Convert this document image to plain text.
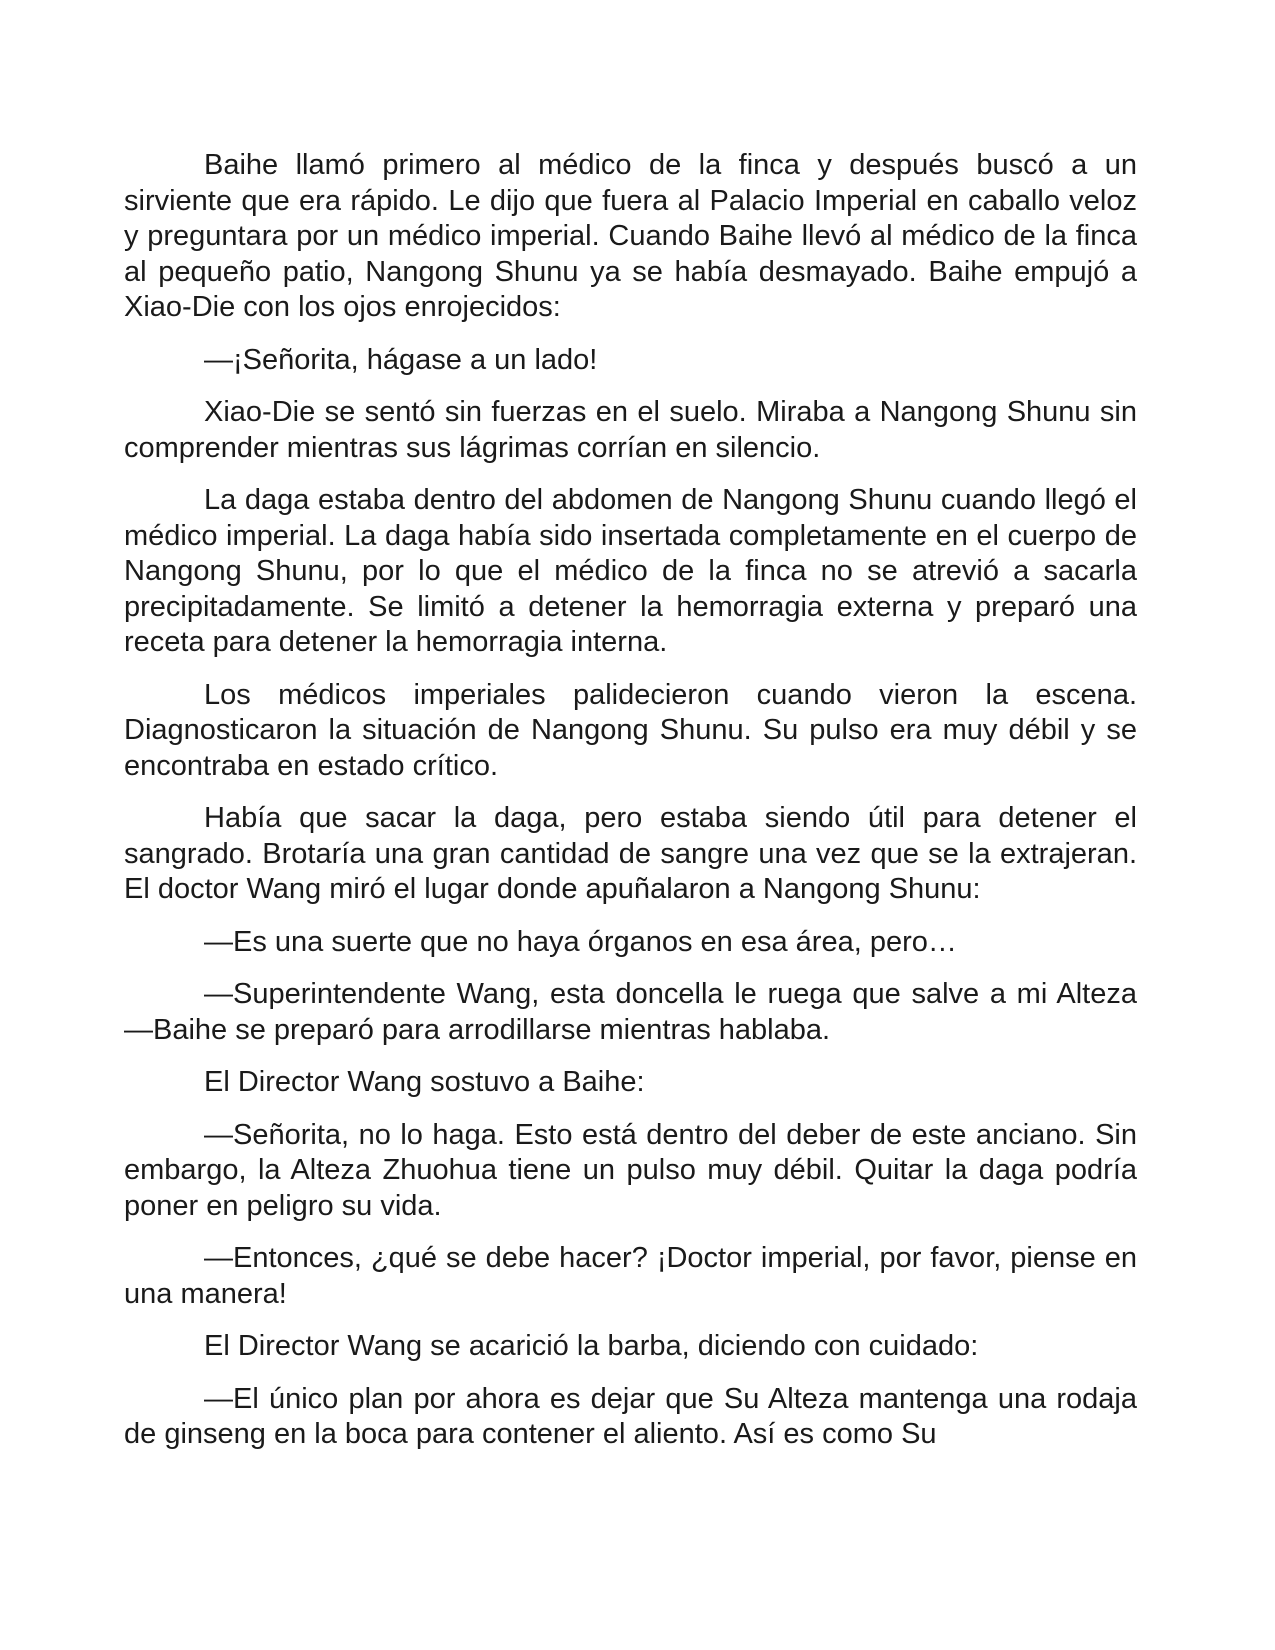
Baihe llamó primero al médico de la finca y después buscó a un sirviente que era rápido. Le dijo que fuera al Palacio Imperial en caballo veloz y preguntara por un médico imperial. Cuando Baihe llevó al médico de la finca al pequeño patio, Nangong Shunu ya se había desmayado. Baihe empujó a Xiao-Die con los ojos enrojecidos:

—¡Señorita, hágase a un lado!

Xiao-Die se sentó sin fuerzas en el suelo. Miraba a Nangong Shunu sin comprender mientras sus lágrimas corrían en silencio.

La daga estaba dentro del abdomen de Nangong Shunu cuando llegó el médico imperial. La daga había sido insertada completamente en el cuerpo de Nangong Shunu, por lo que el médico de la finca no se atrevió a sacarla precipitadamente. Se limitó a detener la hemorragia externa y preparó una receta para detener la hemorragia interna.

Los médicos imperiales palidecieron cuando vieron la escena. Diagnosticaron la situación de Nangong Shunu. Su pulso era muy débil y se encontraba en estado crítico.

Había que sacar la daga, pero estaba siendo útil para detener el sangrado. Brotaría una gran cantidad de sangre una vez que se la extrajeran. El doctor Wang miró el lugar donde apuñalaron a Nangong Shunu:

—Es una suerte que no haya órganos en esa área, pero…

—Superintendente Wang, esta doncella le ruega que salve a mi Alteza —Baihe se preparó para arrodillarse mientras hablaba.

El Director Wang sostuvo a Baihe:

—Señorita, no lo haga. Esto está dentro del deber de este anciano. Sin embargo, la Alteza Zhuohua tiene un pulso muy débil. Quitar la daga podría poner en peligro su vida.

—Entonces, ¿qué se debe hacer? ¡Doctor imperial, por favor, piense en una manera!

El Director Wang se acarició la barba, diciendo con cuidado:

—El único plan por ahora es dejar que Su Alteza mantenga una rodaja de ginseng en la boca para contener el aliento. Así es como Su
